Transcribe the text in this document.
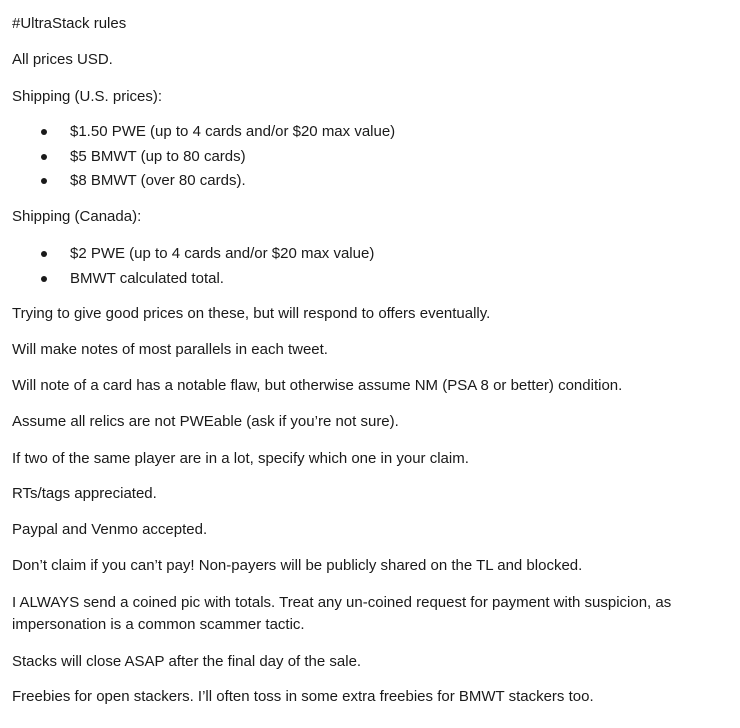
#UltraStack rules
All prices USD.
Shipping (U.S. prices):
$1.50 PWE (up to 4 cards and/or $20 max value)
$5 BMWT (up to 80 cards)
$8 BMWT (over 80 cards).
Shipping (Canada):
$2 PWE (up to 4 cards and/or $20 max value)
BMWT calculated total.
Trying to give good prices on these, but will respond to offers eventually.
Will make notes of most parallels in each tweet.
Will note of a card has a notable flaw, but otherwise assume NM (PSA 8 or better) condition.
Assume all relics are not PWEable (ask if you’re not sure).
If two of the same player are in a lot, specify which one in your claim.
RTs/tags appreciated.
Paypal and Venmo accepted.
Don’t claim if you can’t pay! Non-payers will be publicly shared on the TL and blocked.
I ALWAYS send a coined pic with totals. Treat any un-coined request for payment with suspicion, as impersonation is a common scammer tactic.
Stacks will close ASAP after the final day of the sale.
Freebies for open stackers. I’ll often toss in some extra freebies for BMWT stackers too.
